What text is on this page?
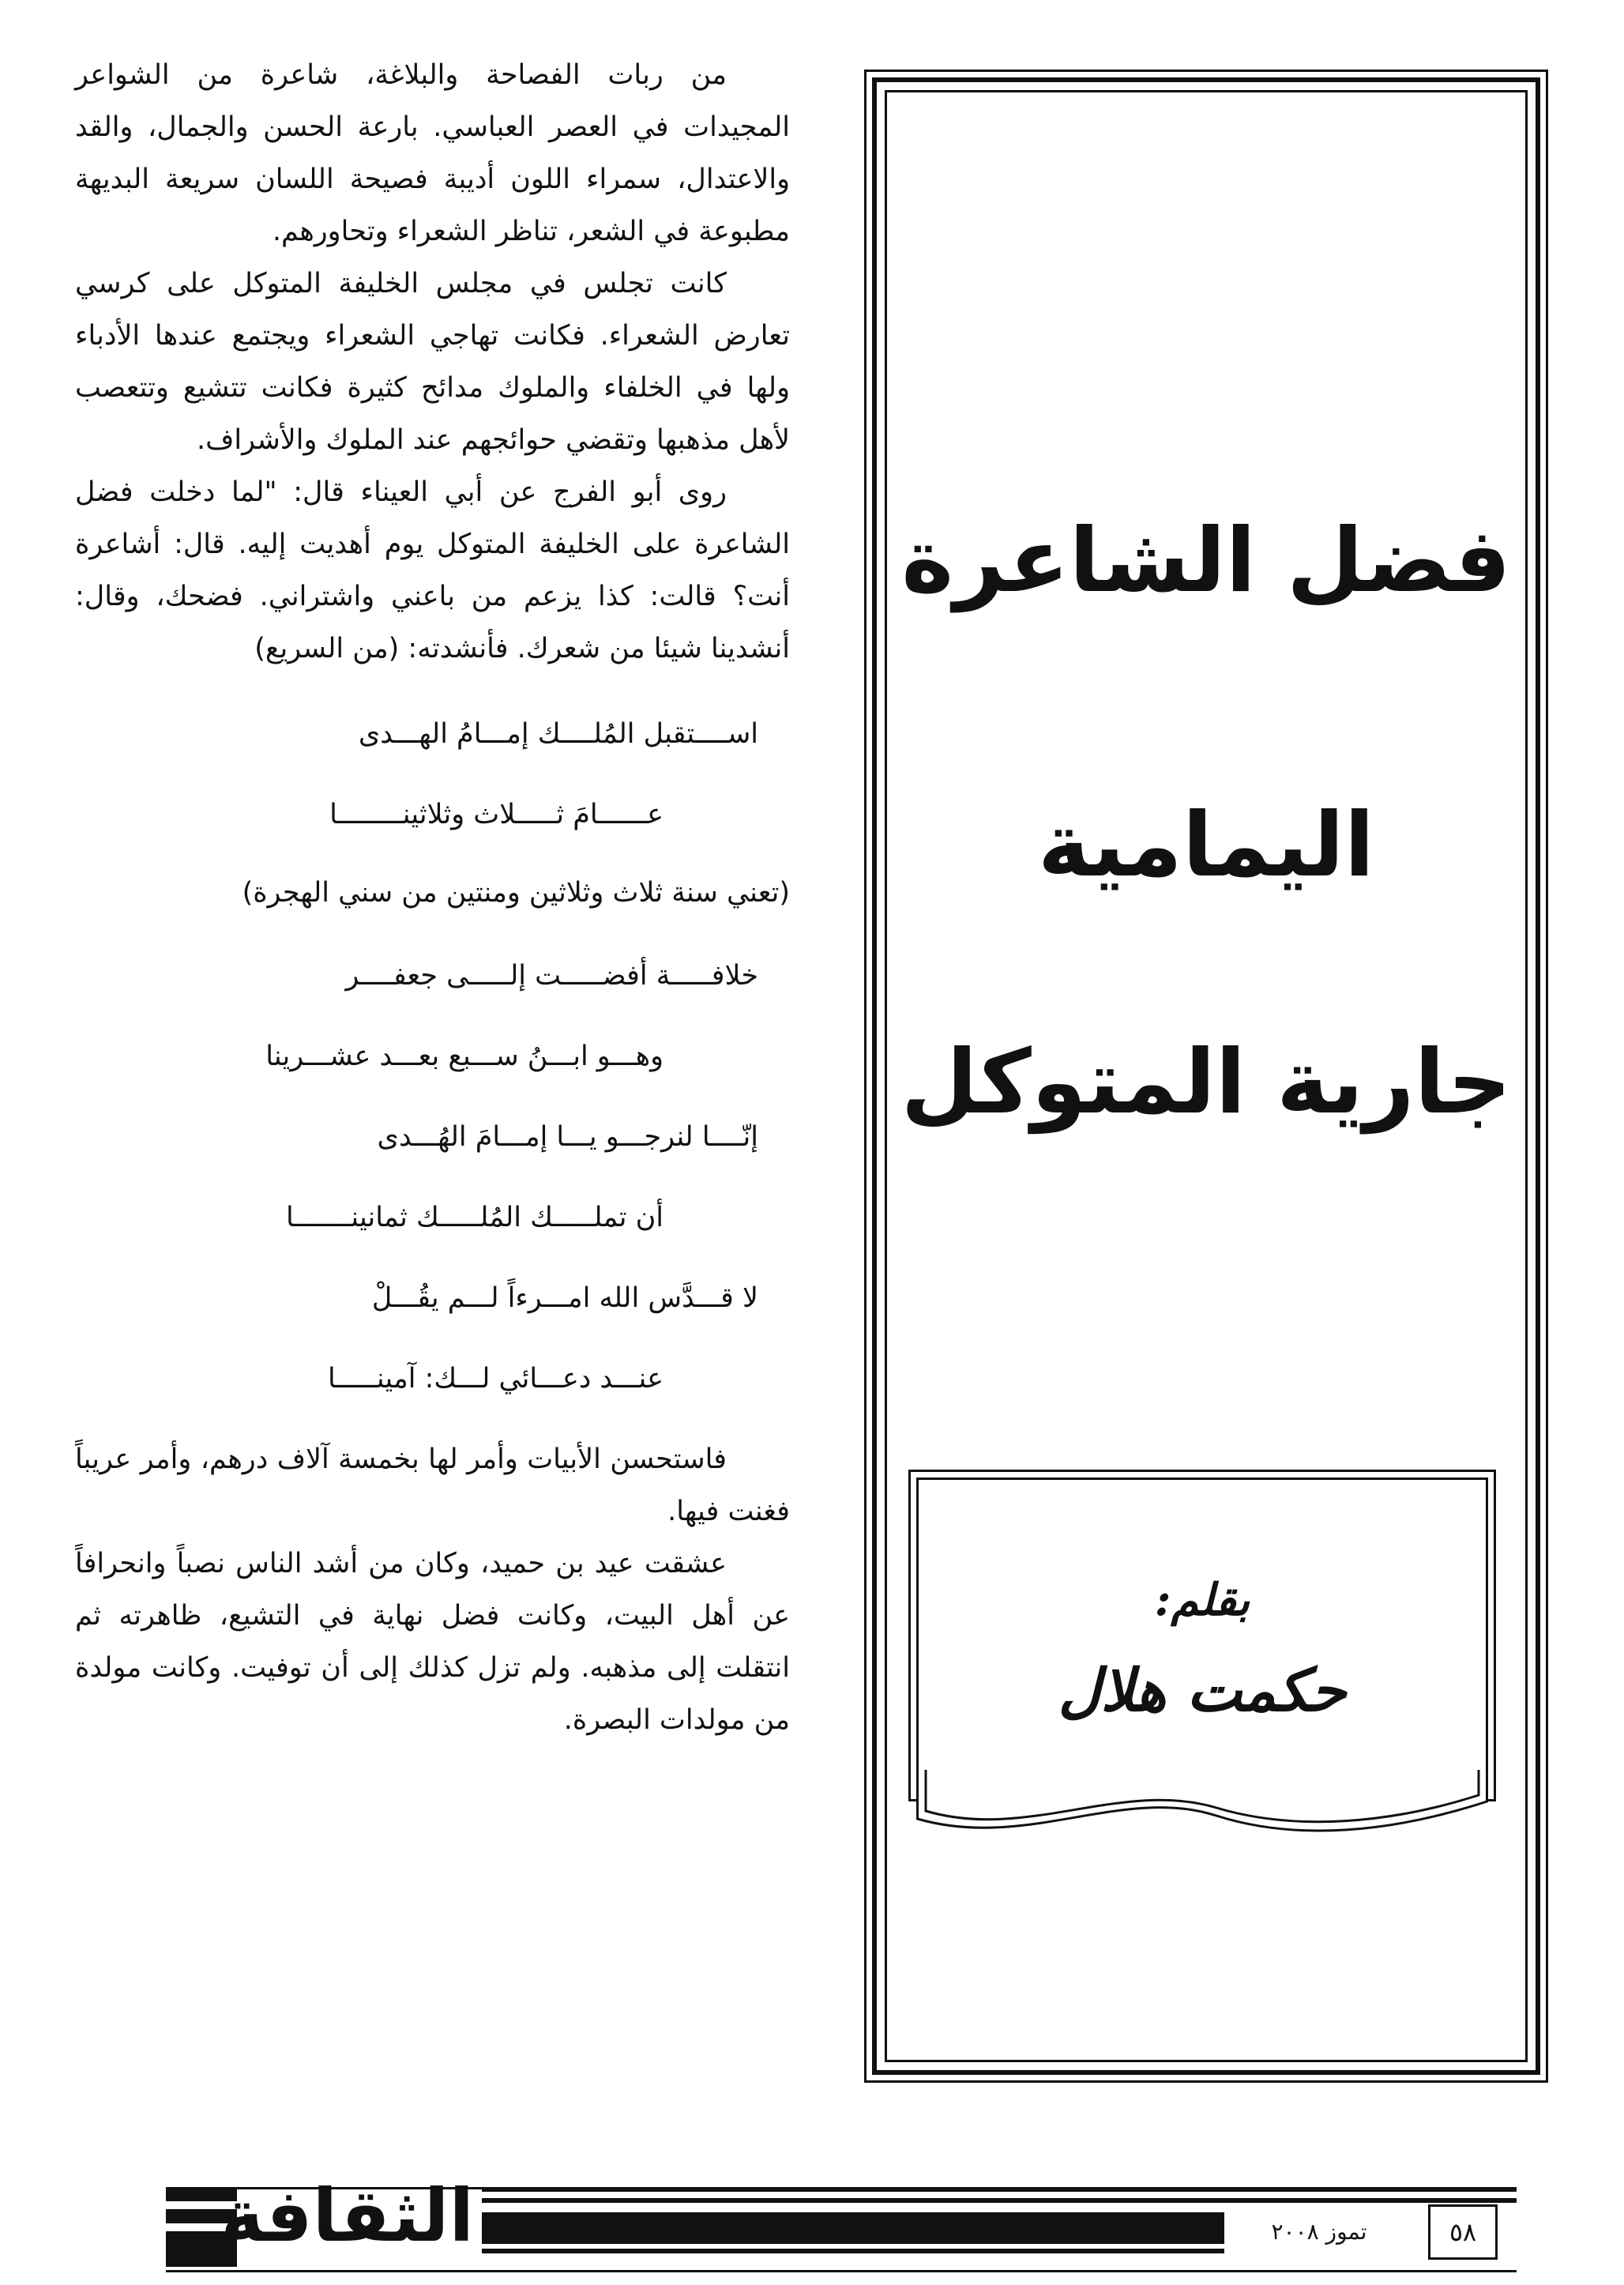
من ربات الفصاحة والبلاغة، شاعرة من الشواعر المجيدات في العصر العباسي. بارعة الحسن والجمال، والقد والاعتدال، سمراء اللون أديبة فصيحة اللسان سريعة البديهة مطبوعة في الشعر، تناظر الشعراء وتحاورهم.

كانت تجلس في مجلس الخليفة المتوكل على كرسي تعارض الشعراء. فكانت تهاجي الشعراء ويجتمع عندها الأدباء ولها في الخلفاء والملوك مدائح كثيرة فكانت تتشيع وتتعصب لأهل مذهبها وتقضي حوائجهم عند الملوك والأشراف.

روى أبو الفرج عن أبي العيناء قال: "لما دخلت فضل الشاعرة على الخليفة المتوكل يوم أهديت إليه. قال: أشاعرة أنت؟ قالت: كذا يزعم من باعني واشتراني. فضحك، وقال: أنشدينا شيئا من شعرك. فأنشدته: (من السريع)

اســــتقبل المُلــــك إمـــامُ الهـــدى

عــــــامَ ثـــــلاث وثلاثينــــــــا

(تعني سنة ثلاث وثلاثين ومنتين من سني الهجرة)

خلافـــــة أفضـــــت إلـــــى جعفــــر

وهـــو ابـــنُ ســـبع بعـــد عشـــرينا

إنّــــا لنرجـــو يـــا إمـــامَ الهُـــدى

أن تملـــــك المُلـــــك ثمانينـــــــا

لا قـــدَّس الله امـــرءاً لـــم يقُـــلْ

عنـــد دعـــائي لـــك: آمينـــــا

فاستحسن الأبيات وأمر لها بخمسة آلاف درهم، وأمر عريباً فغنت فيها.

عشقت عيد بن حميد، وكان من أشد الناس نصباً وانحرافاً عن أهل البيت، وكانت فضل نهاية في التشيع، ظاهرته ثم انتقلت إلى مذهبه. ولم تزل كذلك إلى أن توفيت. وكانت مولدة من مولدات البصرة.

فضل الشاعرة
اليمامية
جارية المتوكل
بقلم:
حكمت هلال
الثقافة	تموز ٢٠٠٨	٥٨
